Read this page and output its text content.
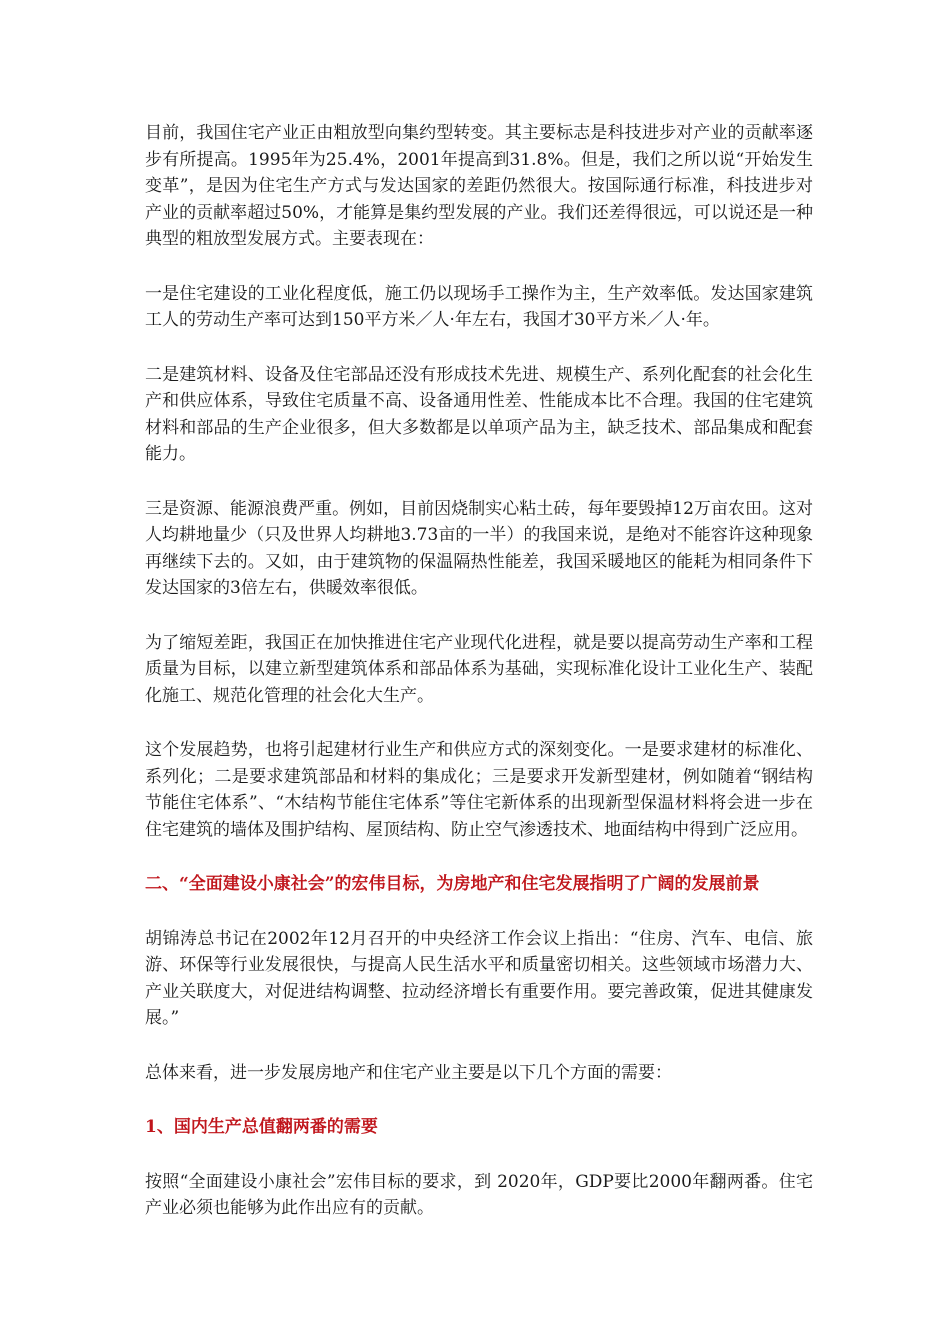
目前，我国住宅产业正由粗放型向集约型转变。其主要标志是科技进步对产业的贡献率逐步有所提高。1995年为25.4%，2001年提高到31.8%。但是，我们之所以说“开始发生变革”，是因为住宅生产方式与发达国家的差距仍然很大。按国际通行标准，科技进步对产业的贡献率超过50%，才能算是集约型发展的产业。我们还差得很远，可以说还是一种典型的粗放型发展方式。主要表现在：

一是住宅建设的工业化程度低，施工仍以现场手工操作为主，生产效率低。发达国家建筑工人的劳动生产率可达到150平方米／人·年左右，我国才30平方米／人·年。

二是建筑材料、设备及住宅部品还没有形成技术先进、规模生产、系列化配套的社会化生产和供应体系，导致住宅质量不高、设备通用性差、性能成本比不合理。我国的住宅建筑材料和部品的生产企业很多，但大多数都是以单项产品为主，缺乏技术、部品集成和配套能力。

三是资源、能源浪费严重。例如，目前因烧制实心粘土砖，每年要毁掉12万亩农田。这对人均耕地量少（只及世界人均耕地3.73亩的一半）的我国来说，是绝对不能容许这种现象再继续下去的。又如，由于建筑物的保温隔热性能差，我国采暖地区的能耗为相同条件下发达国家的3倍左右，供暖效率很低。

为了缩短差距，我国正在加快推进住宅产业现代化进程，就是要以提高劳动生产率和工程质量为目标，以建立新型建筑体系和部品体系为基础，实现标准化设计工业化生产、装配化施工、规范化管理的社会化大生产。

这个发展趋势，也将引起建材行业生产和供应方式的深刻变化。一是要求建材的标准化、系列化；二是要求建筑部品和材料的集成化；三是要求开发新型建材，例如随着“钢结构节能住宅体系”、“木结构节能住宅体系”等住宅新体系的出现新型保温材料将会进一步在住宅建筑的墙体及围护结构、屋顶结构、防止空气渗透技术、地面结构中得到广泛应用。

二、“全面建设小康社会”的宏伟目标，为房地产和住宅发展指明了广阔的发展前景

胡锦涛总书记在2002年12月召开的中央经济工作会议上指出：“住房、汽车、电信、旅游、环保等行业发展很快，与提高人民生活水平和质量密切相关。这些领域市场潜力大、产业关联度大，对促进结构调整、拉动经济增长有重要作用。要完善政策，促进其健康发展。”

总体来看，进一步发展房地产和住宅产业主要是以下几个方面的需要：

1、国内生产总值翻两番的需要

按照“全面建设小康社会”宏伟目标的要求，到 2020年，GDP要比2000年翻两番。住宅产业必须也能够为此作出应有的贡献。
